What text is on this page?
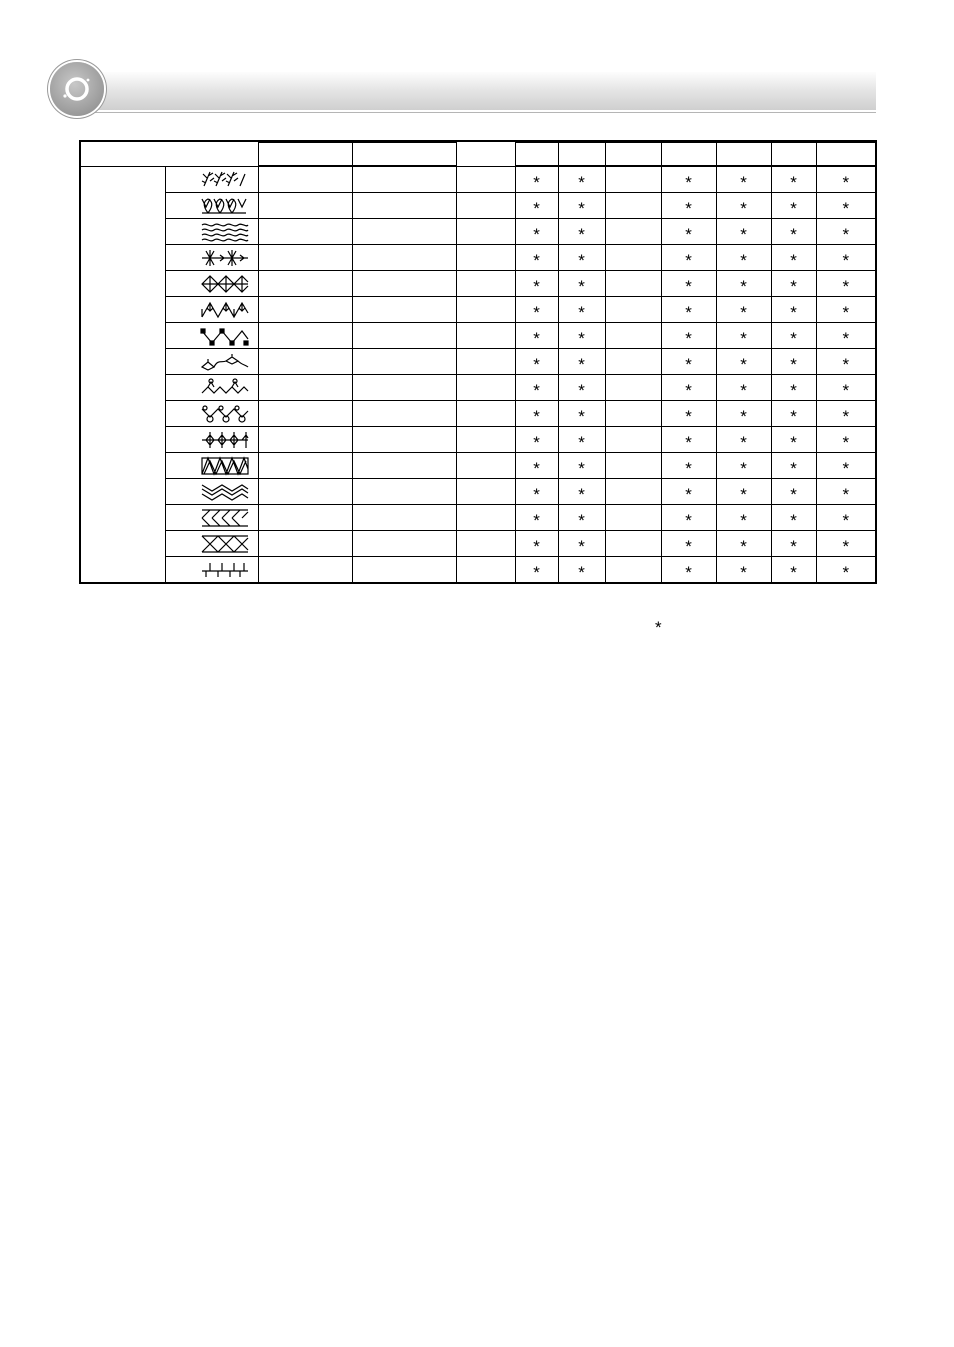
				*	*		*	*	*	*

				*	*		*	*	*	*

				*	*		*	*	*	*

				*	*		*	*	*	*

				*	*		*	*	*	*

				*	*		*	*	*	*

				*	*		*	*	*	*

				*	*		*	*	*	*

				*	*		*	*	*	*

				*	*		*	*	*	*

				*	*		*	*	*	*

				*	*		*	*	*	*

				*	*		*	*	*	*

				*	*		*	*	*	*

				*	*		*	*	*	*

				*	*		*	*	*	*
*
